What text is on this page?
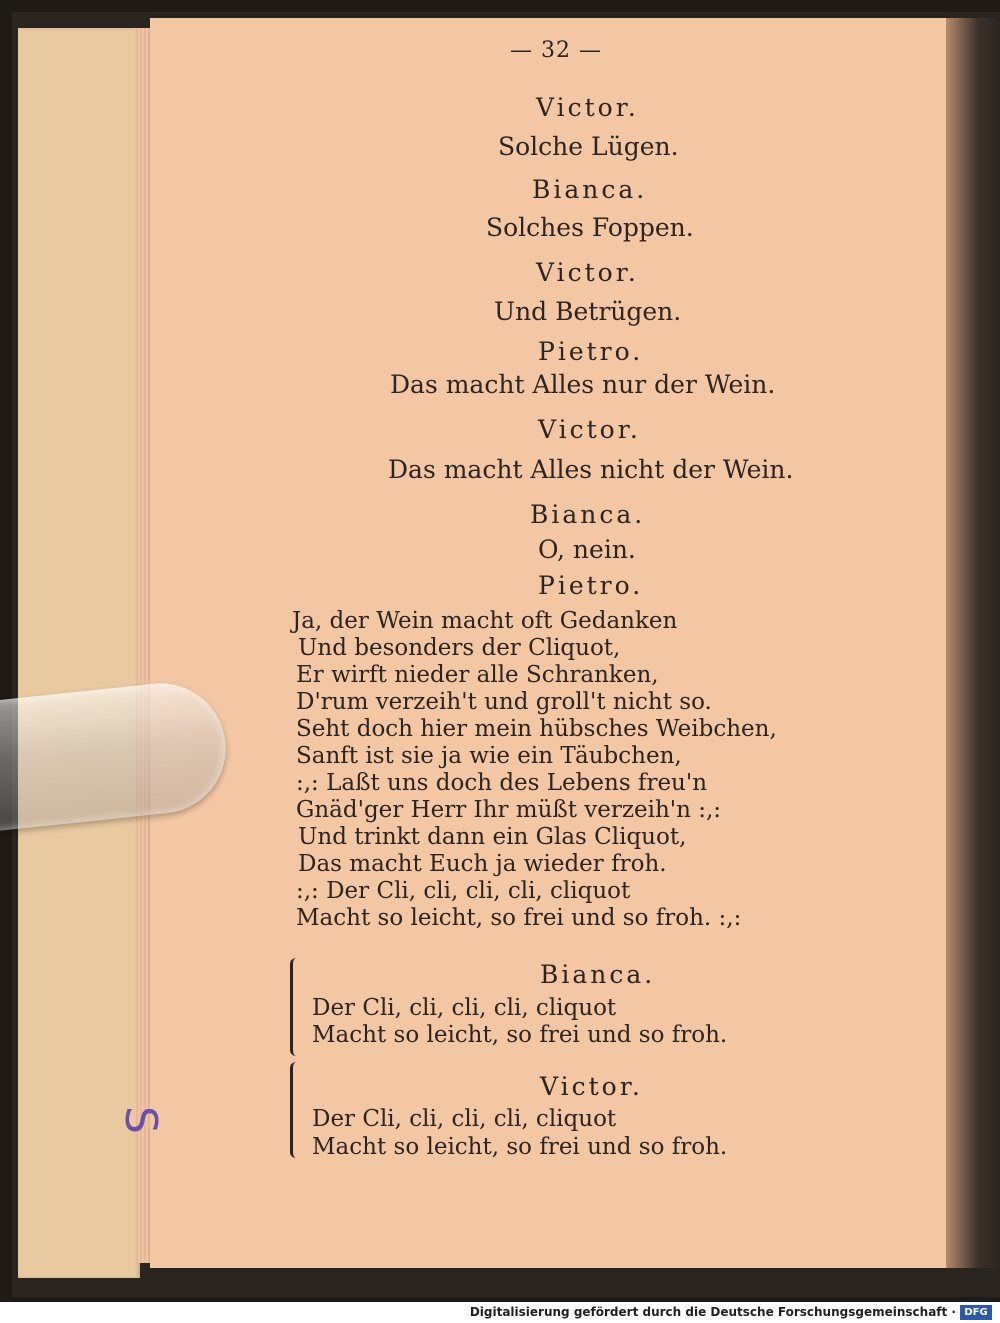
S
— 32 —
Victor.
Solche Lügen.
Bianca.
Solches Foppen.
Victor.
Und Betrügen.
Pietro.
Das macht Alles nur der Wein.
Victor.
Das macht Alles nicht der Wein.
Bianca.
O, nein.
Pietro.
Ja, der Wein macht oft Gedanken
Und besonders der Cliquot,
Er wirft nieder alle Schranken,
D'rum verzeih't und groll't nicht so.
Seht doch hier mein hübsches Weibchen,
Sanft ist sie ja wie ein Täubchen,
:,: Laßt uns doch des Lebens freu'n
Gnäd'ger Herr Ihr müßt verzeih'n :,:
Und trinkt dann ein Glas Cliquot,
Das macht Euch ja wieder froh.
:,: Der Cli, cli, cli, cli, cliquot
Macht so leicht, so frei und so froh. :,:
Bianca.
Der Cli, cli, cli, cli, cliquot
Macht so leicht, so frei und so froh.
Victor.
Der Cli, cli, cli, cli, cliquot
Macht so leicht, so frei und so froh.
Digitalisierung gefördert durch die Deutsche Forschungsgemeinschaft · DFG
